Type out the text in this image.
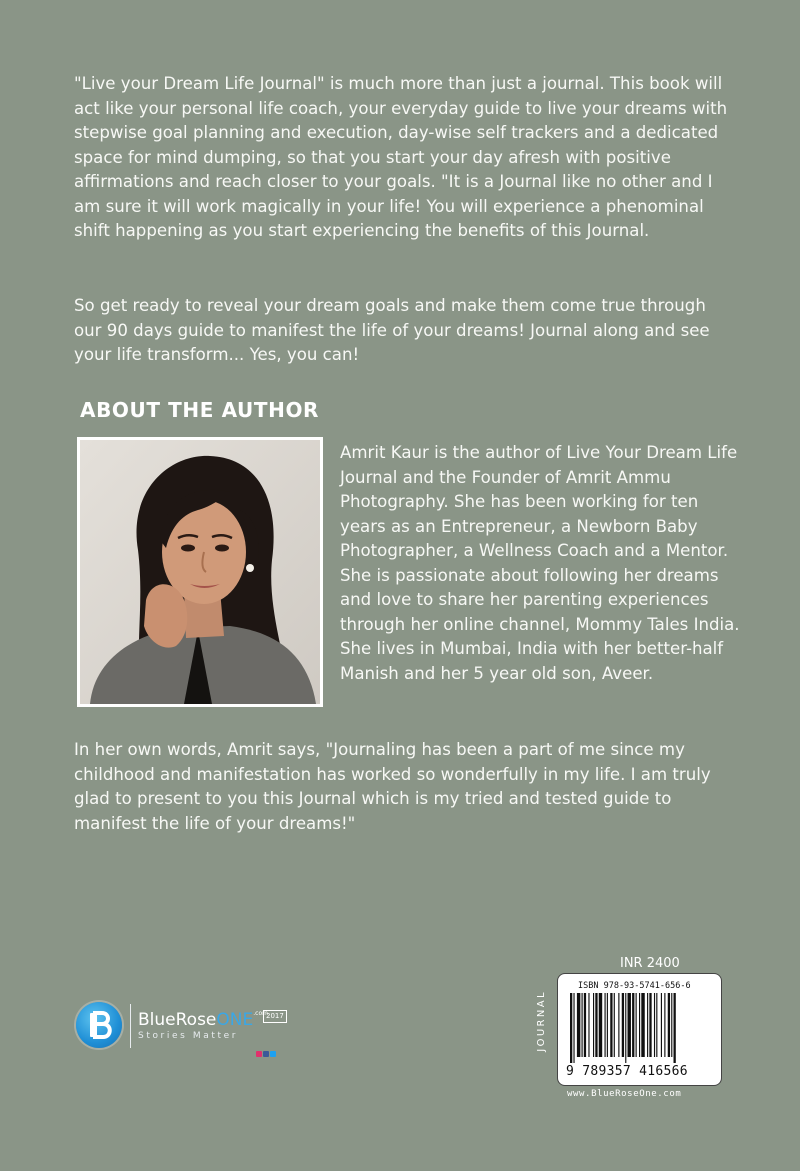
"Live your Dream Life Journal" is much more than just a journal. This book will act like your personal life coach, your everyday guide to live your dreams with stepwise goal planning and execution, day-wise self trackers and a dedicated space for mind dumping, so that you start your day afresh with positive affirmations and reach closer to your goals. "It is a Journal like no other and I am sure it will work magically in your life! You will experience a phenominal shift happening as you start experiencing the benefits of this Journal.

So get ready to reveal your dream goals and make them come true through our 90 days guide to manifest the life of your dreams! Journal along and see your life transform... Yes, you can!

ABOUT THE AUTHOR

Amrit Kaur is the author of Live Your Dream Life Journal and the Founder of Amrit Ammu Photography. She has been working for ten years as an Entrepreneur, a Newborn Baby Photographer, a Wellness Coach and a Mentor. She is passionate about following her dreams and love to share her parenting experiences through her online channel, Mommy Tales India. She lives in Mumbai, India with her better-half Manish and her 5 year old son, Aveer.

In her own words, Amrit says, "Journaling has been a part of me since my childhood and manifestation has worked so wonderfully in my life. I am truly glad to present to you this Journal which is my tried and tested guide to manifest the life of your dreams!"

BlueRoseONE$^{.com}$
Stories Matter
2017	JOURNAL
INR 2400
ISBN 978-93-5741-656-6
9 789357 416566
www.BlueRoseOne.com
